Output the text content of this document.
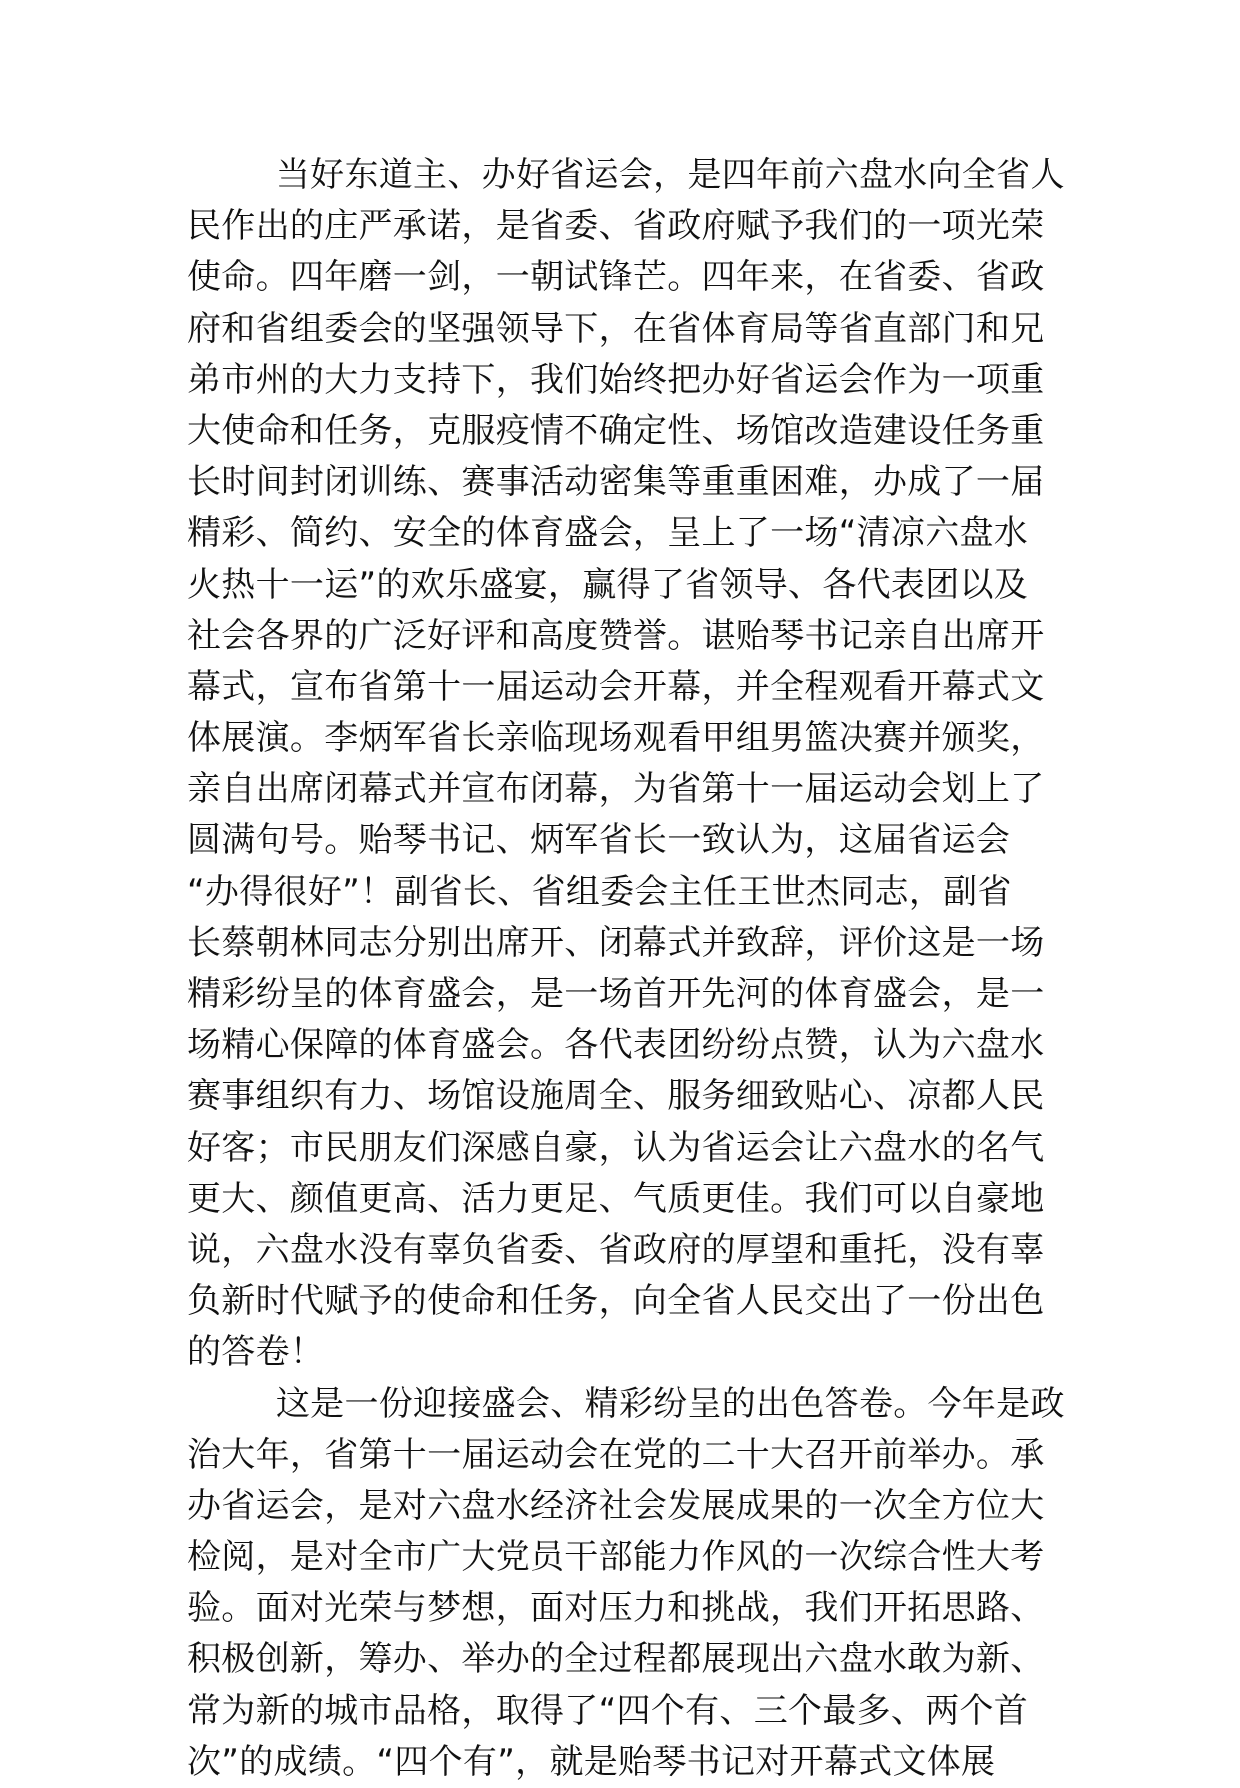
当好东道主、办好省运会，是四年前六盘水向全省人
民作出的庄严承诺，是省委、省政府赋予我们的一项光荣
使命。四年磨一剑，一朝试锋芒。四年来，在省委、省政
府和省组委会的坚强领导下，在省体育局等省直部门和兄
弟市州的大力支持下，我们始终把办好省运会作为一项重
大使命和任务，克服疫情不确定性、场馆改造建设任务重
长时间封闭训练、赛事活动密集等重重困难，办成了一届
精彩、简约、安全的体育盛会，呈上了一场“清凉六盘水
火热十一运”的欢乐盛宴，赢得了省领导、各代表团以及
社会各界的广泛好评和高度赞誉。谌贻琴书记亲自出席开
幕式，宣布省第十一届运动会开幕，并全程观看开幕式文
体展演。李炳军省长亲临现场观看甲组男篮决赛并颁奖，
亲自出席闭幕式并宣布闭幕，为省第十一届运动会划上了
圆满句号。贻琴书记、炳军省长一致认为，这届省运会
“办得很好”！副省长、省组委会主任王世杰同志，副省
长蔡朝林同志分别出席开、闭幕式并致辞，评价这是一场
精彩纷呈的体育盛会，是一场首开先河的体育盛会，是一
场精心保障的体育盛会。各代表团纷纷点赞，认为六盘水
赛事组织有力、场馆设施周全、服务细致贴心、凉都人民
好客；市民朋友们深感自豪，认为省运会让六盘水的名气
更大、颜值更高、活力更足、气质更佳。我们可以自豪地
说，六盘水没有辜负省委、省政府的厚望和重托，没有辜
负新时代赋予的使命和任务，向全省人民交出了一份出色
的答卷！
这是一份迎接盛会、精彩纷呈的出色答卷。今年是政
治大年，省第十一届运动会在党的二十大召开前举办。承
办省运会，是对六盘水经济社会发展成果的一次全方位大
检阅，是对全市广大党员干部能力作风的一次综合性大考
验。面对光荣与梦想，面对压力和挑战，我们开拓思路、
积极创新，筹办、举办的全过程都展现出六盘水敢为新、
常为新的城市品格，取得了“四个有、三个最多、两个首
次”的成绩。“四个有”，就是贻琴书记对开幕式文体展
